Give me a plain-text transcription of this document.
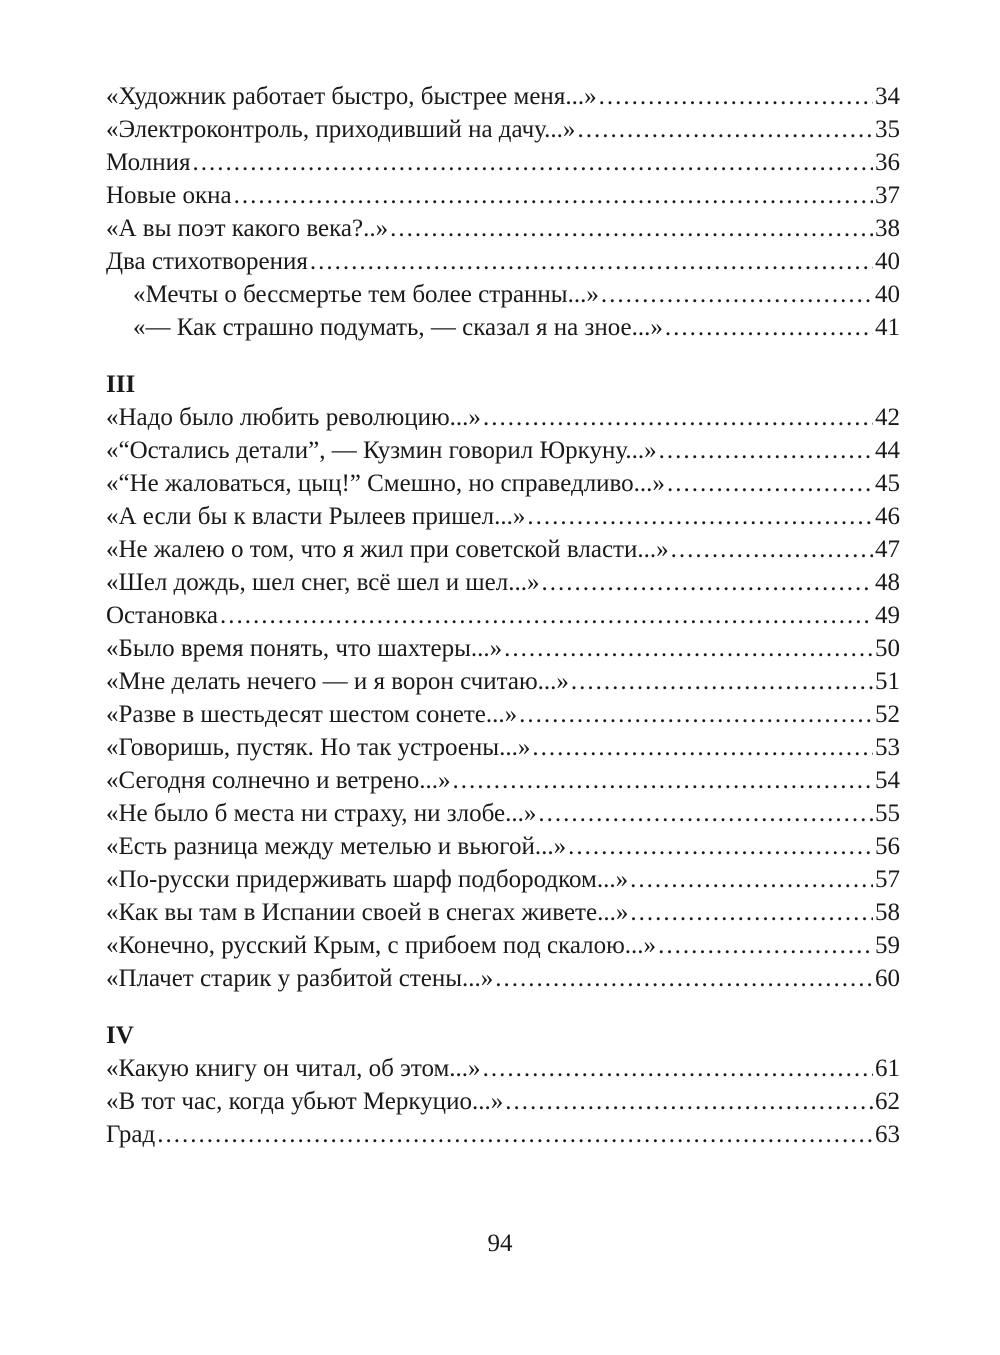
«Художник работает быстро, быстрее меня...» .....	34
«Электроконтроль, приходивший на дачу...» .....	35
Молния .....	36
Новые окна .....	37
«А вы поэт какого века?..» .....	38
Два стихотворения .....	40
«Мечты о бессмертье тем более странны...» .....	40
«— Как страшно подумать, — сказал я на зное...» .....	41
III
«Надо было любить революцию...» .....	42
«“Остались детали”, — Кузмин говорил Юркуну...» .....	44
«“Не жаловаться, цыц!” Смешно, но справедливо...» .....	45
«А если бы к власти Рылеев пришел...» .....	46
«Не жалею о том, что я жил при советской власти...» .....	47
«Шел дождь, шел снег, всё шел и шел...» .....	48
Остановка .....	49
«Было время понять, что шахтеры...» .....	50
«Мне делать нечего — и я ворон считаю...» .....	51
«Разве в шестьдесят шестом сонете...» .....	52
«Говоришь, пустяк. Но так устроены...» .....	53
«Сегодня солнечно и ветрено...» .....	54
«Не было б места ни страху, ни злобе...» .....	55
«Есть разница между метелью и вьюгой...» .....	56
«По-русски придерживать шарф подбородком...» .....	57
«Как вы там в Испании своей в снегах живете...» .....	58
«Конечно, русский Крым, с прибоем под скалою...» .....	59
«Плачет старик у разбитой стены...» .....	60
IV
«Какую книгу он читал, об этом...» .....	61
«В тот час, когда убьют Меркуцио...» .....	62
Град .....	63
94
